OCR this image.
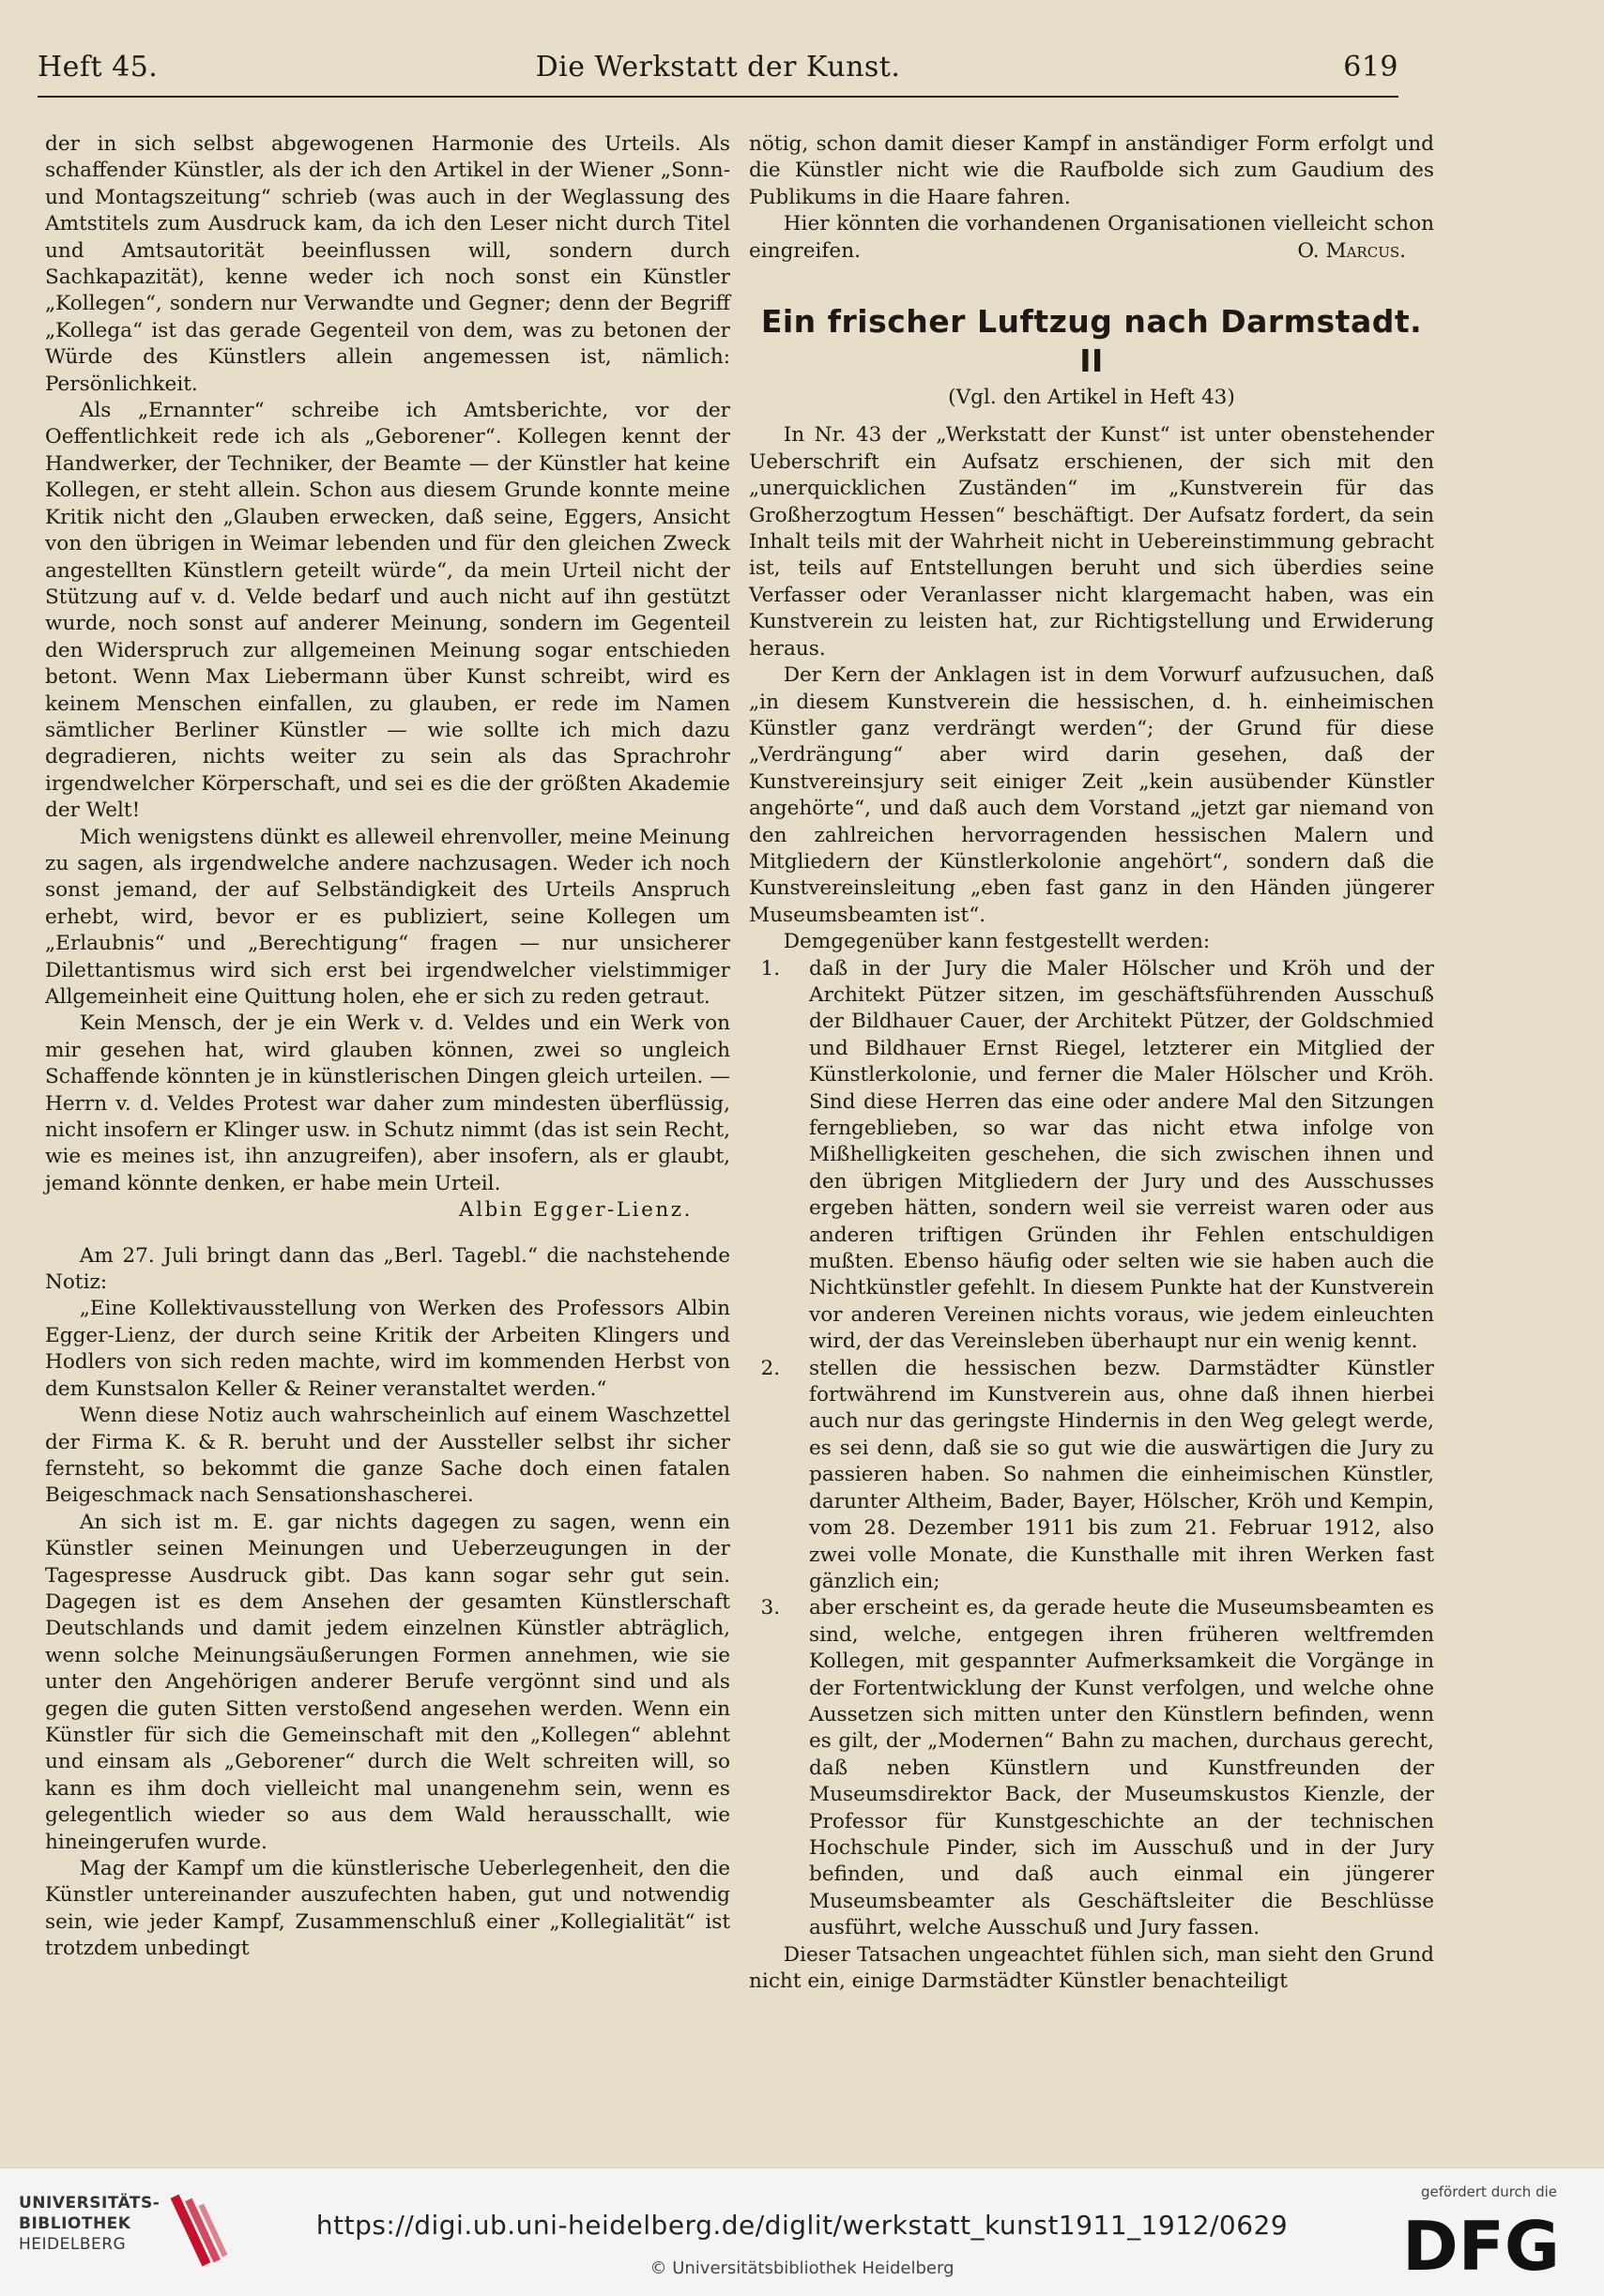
Heft 45.	Die Werkstatt der Kunst.	619

der in sich selbst abgewogenen Harmonie des Urteils. Als schaffender Künstler, als der ich den Artikel in der Wiener „Sonn- und Montagszeitung“ schrieb (was auch in der Weglassung des Amtstitels zum Ausdruck kam, da ich den Leser nicht durch Titel und Amtsautorität beeinflussen will, sondern durch Sachkapazität), kenne weder ich noch sonst ein Künstler „Kollegen“, sondern nur Verwandte und Gegner; denn der Begriff „Kollega“ ist das gerade Gegenteil von dem, was zu betonen der Würde des Künstlers allein angemessen ist, nämlich: Persönlichkeit.

Als „Ernannter“ schreibe ich Amtsberichte, vor der Oeffentlichkeit rede ich als „Geborener“. Kollegen kennt der Handwerker, der Techniker, der Beamte — der Künstler hat keine Kollegen, er steht allein. Schon aus diesem Grunde konnte meine Kritik nicht den „Glauben erwecken, daß seine, Eggers, Ansicht von den übrigen in Weimar lebenden und für den gleichen Zweck angestellten Künstlern geteilt würde“, da mein Urteil nicht der Stützung auf v. d. Velde bedarf und auch nicht auf ihn gestützt wurde, noch sonst auf anderer Meinung, sondern im Gegenteil den Widerspruch zur allgemeinen Meinung sogar entschieden betont. Wenn Max Liebermann über Kunst schreibt, wird es keinem Menschen einfallen, zu glauben, er rede im Namen sämtlicher Berliner Künstler — wie sollte ich mich dazu degradieren, nichts weiter zu sein als das Sprachrohr irgendwelcher Körperschaft, und sei es die der größten Akademie der Welt!

Mich wenigstens dünkt es alleweil ehrenvoller, meine Meinung zu sagen, als irgendwelche andere nachzusagen. Weder ich noch sonst jemand, der auf Selbständigkeit des Urteils Anspruch erhebt, wird, bevor er es publiziert, seine Kollegen um „Erlaubnis“ und „Berechtigung“ fragen — nur unsicherer Dilettantismus wird sich erst bei irgendwelcher vielstimmiger Allgemeinheit eine Quittung holen, ehe er sich zu reden getraut.

Kein Mensch, der je ein Werk v. d. Veldes und ein Werk von mir gesehen hat, wird glauben können, zwei so ungleich Schaffende könnten je in künstlerischen Dingen gleich urteilen. — Herrn v. d. Veldes Protest war daher zum mindesten überflüssig, nicht insofern er Klinger usw. in Schutz nimmt (das ist sein Recht, wie es meines ist, ihn anzugreifen), aber insofern, als er glaubt, jemand könnte denken, er habe mein Urteil.

Albin Egger-Lienz.

Am 27. Juli bringt dann das „Berl. Tagebl.“ die nachstehende Notiz:

„Eine Kollektivausstellung von Werken des Professors Albin Egger-Lienz, der durch seine Kritik der Arbeiten Klingers und Hodlers von sich reden machte, wird im kommenden Herbst von dem Kunstsalon Keller & Reiner veranstaltet werden.“

Wenn diese Notiz auch wahrscheinlich auf einem Waschzettel der Firma K. & R. beruht und der Aussteller selbst ihr sicher fernsteht, so bekommt die ganze Sache doch einen fatalen Beigeschmack nach Sensationshascherei.

An sich ist m. E. gar nichts dagegen zu sagen, wenn ein Künstler seinen Meinungen und Ueberzeugungen in der Tagespresse Ausdruck gibt. Das kann sogar sehr gut sein. Dagegen ist es dem Ansehen der gesamten Künstlerschaft Deutschlands und damit jedem einzelnen Künstler abträglich, wenn solche Meinungsäußerungen Formen annehmen, wie sie unter den Angehörigen anderer Berufe vergönnt sind und als gegen die guten Sitten verstoßend angesehen werden. Wenn ein Künstler für sich die Gemeinschaft mit den „Kollegen“ ablehnt und einsam als „Geborener“ durch die Welt schreiten will, so kann es ihm doch vielleicht mal unangenehm sein, wenn es gelegentlich wieder so aus dem Wald herausschallt, wie hineingerufen wurde.

Mag der Kampf um die künstlerische Ueberlegenheit, den die Künstler untereinander auszufechten haben, gut und notwendig sein, wie jeder Kampf, Zusammenschluß einer „Kollegialität“ ist trotzdem unbedingt

nötig, schon damit dieser Kampf in anständiger Form erfolgt und die Künstler nicht wie die Raufbolde sich zum Gaudium des Publikums in die Haare fahren.

Hier könnten die vorhandenen Organisationen vielleicht schon eingreifen.	O. Marcus.

Ein frischer Luftzug nach Darmstadt. II
(Vgl. den Artikel in Heft 43)

In Nr. 43 der „Werkstatt der Kunst“ ist unter obenstehender Ueberschrift ein Aufsatz erschienen, der sich mit den „unerquicklichen Zuständen“ im „Kunstverein für das Großherzogtum Hessen“ beschäftigt. Der Aufsatz fordert, da sein Inhalt teils mit der Wahrheit nicht in Uebereinstimmung gebracht ist, teils auf Entstellungen beruht und sich überdies seine Verfasser oder Veranlasser nicht klargemacht haben, was ein Kunstverein zu leisten hat, zur Richtigstellung und Erwiderung heraus.

Der Kern der Anklagen ist in dem Vorwurf aufzusuchen, daß „in diesem Kunstverein die hessischen, d. h. einheimischen Künstler ganz verdrängt werden“; der Grund für diese „Verdrängung“ aber wird darin gesehen, daß der Kunstvereinsjury seit einiger Zeit „kein ausübender Künstler angehörte“, und daß auch dem Vorstand „jetzt gar niemand von den zahlreichen hervorragenden hessischen Malern und Mitgliedern der Künstlerkolonie angehört“, sondern daß die Kunstvereinsleitung „eben fast ganz in den Händen jüngerer Museumsbeamten ist“.

Demgegenüber kann festgestellt werden:

1. daß in der Jury die Maler Hölscher und Kröh und der Architekt Pützer sitzen, im geschäftsführenden Ausschuß der Bildhauer Cauer, der Architekt Pützer, der Goldschmied und Bildhauer Ernst Riegel, letzterer ein Mitglied der Künstlerkolonie, und ferner die Maler Hölscher und Kröh. Sind diese Herren das eine oder andere Mal den Sitzungen ferngeblieben, so war das nicht etwa infolge von Mißhelligkeiten geschehen, die sich zwischen ihnen und den übrigen Mitgliedern der Jury und des Ausschusses ergeben hätten, sondern weil sie verreist waren oder aus anderen triftigen Gründen ihr Fehlen entschuldigen mußten. Ebenso häufig oder selten wie sie haben auch die Nichtkünstler gefehlt. In diesem Punkte hat der Kunstverein vor anderen Vereinen nichts voraus, wie jedem einleuchten wird, der das Vereinsleben überhaupt nur ein wenig kennt.
2. stellen die hessischen bezw. Darmstädter Künstler fortwährend im Kunstverein aus, ohne daß ihnen hierbei auch nur das geringste Hindernis in den Weg gelegt werde, es sei denn, daß sie so gut wie die auswärtigen die Jury zu passieren haben. So nahmen die einheimischen Künstler, darunter Altheim, Bader, Bayer, Hölscher, Kröh und Kempin, vom 28. Dezember 1911 bis zum 21. Februar 1912, also zwei volle Monate, die Kunsthalle mit ihren Werken fast gänzlich ein;
3. aber erscheint es, da gerade heute die Museumsbeamten es sind, welche, entgegen ihren früheren weltfremden Kollegen, mit gespannter Aufmerksamkeit die Vorgänge in der Fortentwicklung der Kunst verfolgen, und welche ohne Aussetzen sich mitten unter den Künstlern befinden, wenn es gilt, der „Modernen“ Bahn zu machen, durchaus gerecht, daß neben Künstlern und Kunstfreunden der Museumsdirektor Back, der Museumskustos Kienzle, der Professor für Kunstgeschichte an der technischen Hochschule Pinder, sich im Ausschuß und in der Jury befinden, und daß auch einmal ein jüngerer Museumsbeamter als Geschäftsleiter die Beschlüsse ausführt, welche Ausschuß und Jury fassen.

Dieser Tatsachen ungeachtet fühlen sich, man sieht den Grund nicht ein, einige Darmstädter Künstler benachteiligt

UNIVERSITÄTS-
BIBLIOTHEK
HEIDELBERG
https://digi.ub.uni-heidelberg.de/diglit/werkstatt_kunst1911_1912/0629
© Universitätsbibliothek Heidelberg
gefördert durch die
DFG
